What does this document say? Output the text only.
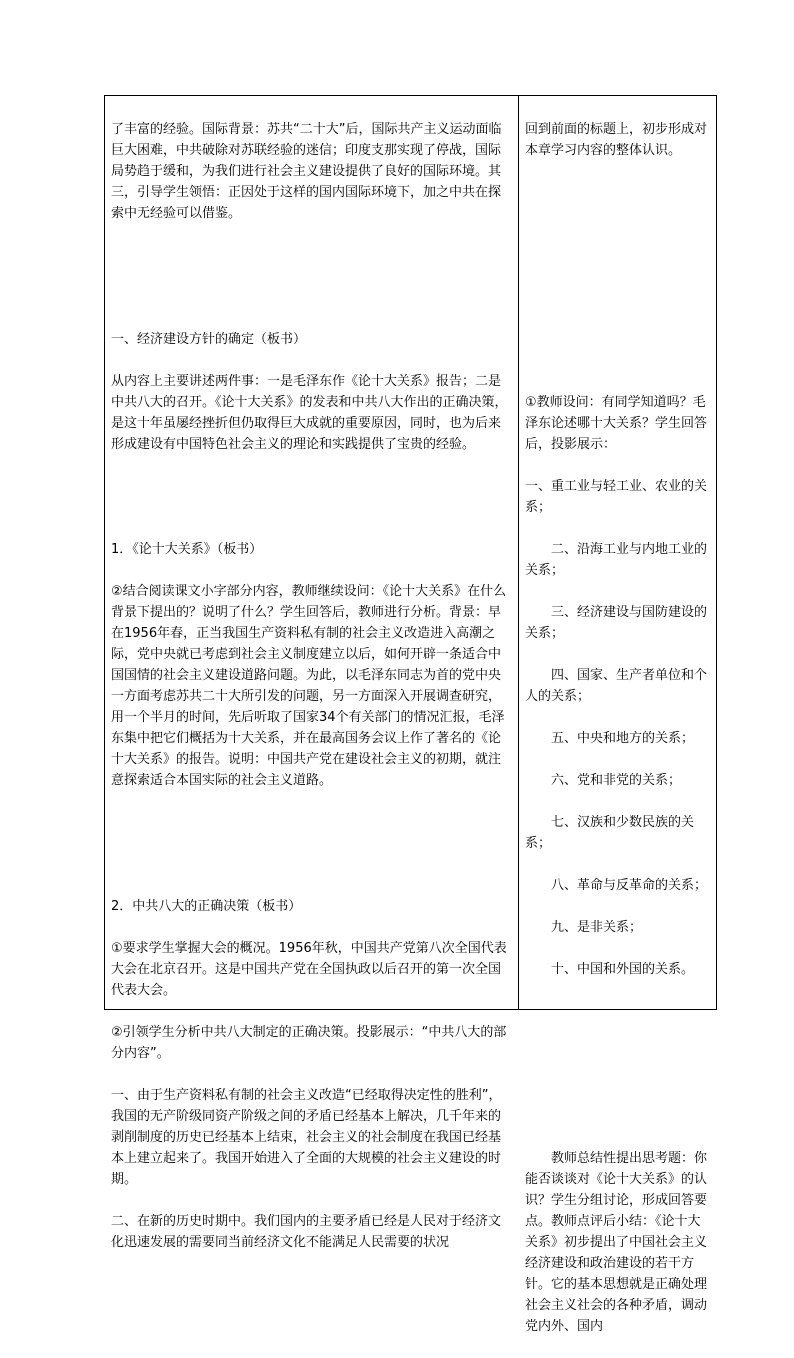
了丰富的经验。国际背景：苏共“二十大”后，国际共产主义运动面临巨大困难，中共破除对苏联经验的迷信；印度支那实现了停战，国际局势趋于缓和，为我们进行社会主义建设提供了良好的国际环境。其三，引导学生领悟：正因处于这样的国内国际环境下，加之中共在探索中无经验可以借鉴。

一、经济建设方针的确定（板书）

从内容上主要讲述两件事：一是毛泽东作《论十大关系》报告；二是中共八大的召开。《论十大关系》的发表和中共八大作出的正确决策，是这十年虽屡经挫折但仍取得巨大成就的重要原因，同时，也为后来形成建设有中国特色社会主义的理论和实践提供了宝贵的经验。

1．《论十大关系》（板书）

②结合阅读课文小字部分内容，教师继续设问：《论十大关系》在什么背景下提出的？说明了什么？学生回答后，教师进行分析。背景：早在1956年春，正当我国生产资料私有制的社会主义改造进入高潮之际，党中央就已考虑到社会主义制度建立以后，如何开辟一条适合中国国情的社会主义建设道路问题。为此，以毛泽东同志为首的党中央一方面考虑苏共二十大所引发的问题，另一方面深入开展调查研究，用一个半月的时间，先后听取了国家34个有关部门的情况汇报，毛泽东集中把它们概括为十大关系，并在最高国务会议上作了著名的《论十大关系》的报告。说明：中国共产党在建设社会主义的初期，就注意探索适合本国实际的社会主义道路。

2．中共八大的正确决策（板书）

①要求学生掌握大会的概况。1956年秋，中国共产党第八次全国代表大会在北京召开。这是中国共产党在全国执政以后召开的第一次全国代表大会。

②引领学生分析中共八大制定的正确决策。投影展示：“中共八大的部分内容”。

一、由于生产资料私有制的社会主义改造“已经取得决定性的胜利”，我国的无产阶级同资产阶级之间的矛盾已经基本上解决，几千年来的剥削制度的历史已经基本上结束，社会主义的社会制度在我国已经基本上建立起来了。我国开始进入了全面的大规模的社会主义建设的时期。

二、在新的历史时期中。我们国内的主要矛盾已经是人民对于经济文化迅速发展的需要同当前经济文化不能满足人民需要的状况

回到前面的标题上，初步形成对本章学习内容的整体认识。

①教师设问：有同学知道吗？毛泽东论述哪十大关系？学生回答后，投影展示：

一、重工业与轻工业、农业的关系；

　　二、沿海工业与内地工业的关系；

　　三、经济建设与国防建设的关系；

　　四、国家、生产者单位和个人的关系；

　　五、中央和地方的关系；

　　六、党和非党的关系；

　　七、汉族和少数民族的关系；

　　八、革命与反革命的关系；

　　九、是非关系；

　　十、中国和外国的关系。

　　教师总结性提出思考题：你能否谈谈对《论十大关系》的认识？学生分组讨论，形成回答要点。教师点评后小结：《论十大关系》初步提出了中国社会主义经济建设和政治建设的若干方针。它的基本思想就是正确处理社会主义社会的各种矛盾，调动党内外、国内
